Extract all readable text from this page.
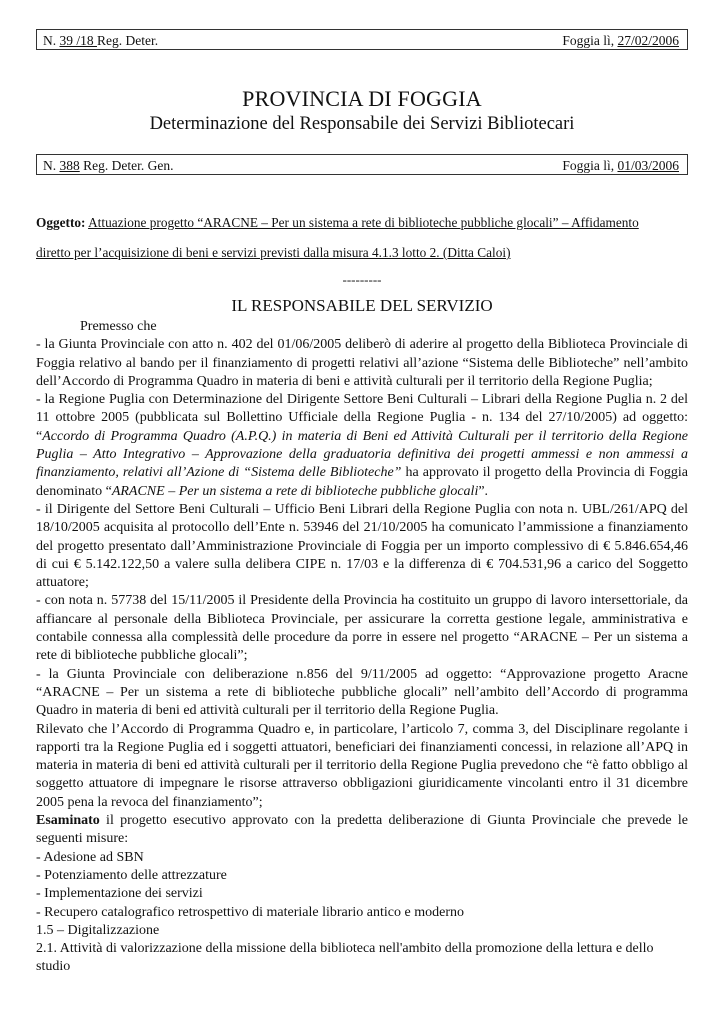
N. 39 /18 Reg. Deter.	Foggia lì, 27/02/2006
PROVINCIA DI FOGGIA
Determinazione del Responsabile dei Servizi Bibliotecari
N. 388 Reg. Deter. Gen.	Foggia lì, 01/03/2006
Oggetto: Attuazione progetto “ARACNE – Per un sistema a rete di biblioteche pubbliche glocali” – Affidamento
diretto per l’acquisizione di beni e servizi previsti dalla misura 4.1.3 lotto 2. (Ditta Caloi)
---------
IL RESPONSABILE DEL SERVIZIO

Premesso che

- la Giunta Provinciale con atto n. 402 del 01/06/2005 deliberò di aderire al progetto della Biblioteca Provinciale di Foggia relativo al bando per il finanziamento di progetti relativi all’azione “Sistema delle Biblioteche” nell’ambito dell’Accordo di Programma Quadro in materia di beni e attività culturali per il territorio della Regione Puglia;

- la Regione Puglia con Determinazione del Dirigente Settore Beni Culturali – Librari della Regione Puglia n. 2 del 11 ottobre 2005 (pubblicata sul Bollettino Ufficiale della Regione Puglia - n. 134 del 27/10/2005) ad oggetto: “Accordo di Programma Quadro (A.P.Q.) in materia di Beni ed Attività Culturali per il territorio della Regione Puglia – Atto Integrativo – Approvazione della graduatoria definitiva dei progetti ammessi e non ammessi a finanziamento, relativi all’Azione di “Sistema delle Biblioteche” ha approvato il progetto della Provincia di Foggia denominato “ARACNE – Per un sistema a rete di biblioteche pubbliche glocali”.

- il Dirigente del Settore Beni Culturali – Ufficio Beni Librari della Regione Puglia con nota n. UBL/261/APQ del 18/10/2005 acquisita al protocollo dell’Ente n. 53946 del 21/10/2005 ha comunicato l’ammissione a finanziamento del progetto presentato dall’Amministrazione Provinciale di Foggia per un importo complessivo di € 5.846.654,46 di cui € 5.142.122,50 a valere sulla delibera CIPE n. 17/03 e la differenza di € 704.531,96 a carico del Soggetto attuatore;

- con nota n. 57738 del 15/11/2005 il Presidente della Provincia ha costituito un gruppo di lavoro intersettoriale, da affiancare al personale della Biblioteca Provinciale, per assicurare la corretta gestione legale, amministrativa e contabile connessa alla complessità delle procedure da porre in essere nel progetto “ARACNE – Per un sistema a rete di biblioteche pubbliche glocali”;

- la Giunta Provinciale con deliberazione n.856 del 9/11/2005 ad oggetto: “Approvazione progetto Aracne “ARACNE – Per un sistema a rete di biblioteche pubbliche glocali” nell’ambito dell’Accordo di programma Quadro in materia di beni ed attività culturali per il territorio della Regione Puglia.

Rilevato che l’Accordo di Programma Quadro e, in particolare, l’articolo 7, comma 3, del Disciplinare regolante i rapporti tra la Regione Puglia ed i soggetti attuatori, beneficiari dei finanziamenti concessi, in relazione all’APQ in materia in materia di beni ed attività culturali per il territorio della Regione Puglia prevedono che “è fatto obbligo al soggetto attuatore di impegnare le risorse attraverso obbligazioni giuridicamente vincolanti entro il 31 dicembre 2005 pena la revoca del finanziamento”;

Esaminato il progetto esecutivo approvato con la predetta deliberazione di Giunta Provinciale che prevede le seguenti misure:

- Adesione ad SBN

- Potenziamento delle attrezzature

- Implementazione dei servizi

- Recupero catalografico retrospettivo di materiale librario antico e moderno

1.5 – Digitalizzazione

2.1. Attività di valorizzazione della missione della biblioteca nell'ambito della promozione della lettura e dello studio
